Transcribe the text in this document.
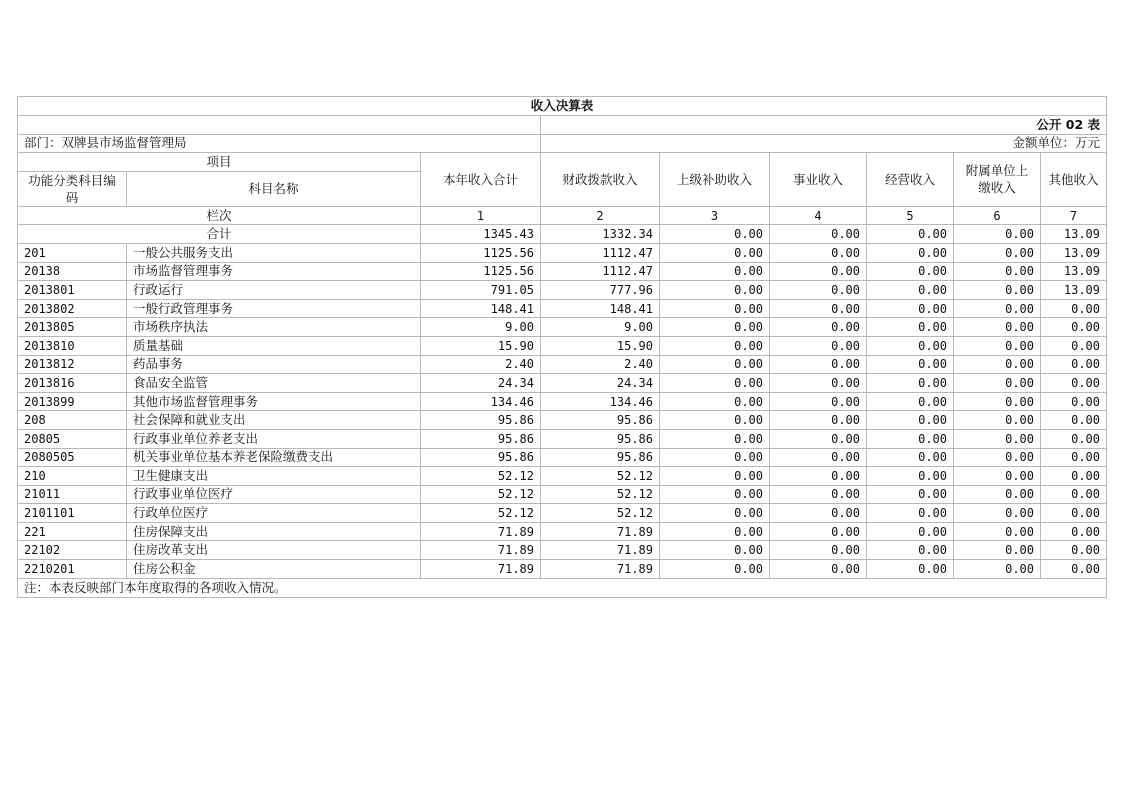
收入决算表								
			公开 02 表					
部门：双牌县市场监督管理局			金额单位：万元					
项目		本年收入合计	财政拨款收入	上级补助收入	事业收入	经营收入	附属单位上缴收入	其他收入
功能分类科目编码	科目名称							
栏次		1	2	3	4	5	6	7
合计		1345.43	1332.34	0.00	0.00	0.00	0.00	13.09
201	一般公共服务支出	1125.56	1112.47	0.00	0.00	0.00	0.00	13.09
20138	市场监督管理事务	1125.56	1112.47	0.00	0.00	0.00	0.00	13.09
2013801	行政运行	791.05	777.96	0.00	0.00	0.00	0.00	13.09
2013802	一般行政管理事务	148.41	148.41	0.00	0.00	0.00	0.00	0.00
2013805	市场秩序执法	9.00	9.00	0.00	0.00	0.00	0.00	0.00
2013810	质量基础	15.90	15.90	0.00	0.00	0.00	0.00	0.00
2013812	药品事务	2.40	2.40	0.00	0.00	0.00	0.00	0.00
2013816	食品安全监管	24.34	24.34	0.00	0.00	0.00	0.00	0.00
2013899	其他市场监督管理事务	134.46	134.46	0.00	0.00	0.00	0.00	0.00
208	社会保障和就业支出	95.86	95.86	0.00	0.00	0.00	0.00	0.00
20805	行政事业单位养老支出	95.86	95.86	0.00	0.00	0.00	0.00	0.00
2080505	机关事业单位基本养老保险缴费支出	95.86	95.86	0.00	0.00	0.00	0.00	0.00
210	卫生健康支出	52.12	52.12	0.00	0.00	0.00	0.00	0.00
21011	行政事业单位医疗	52.12	52.12	0.00	0.00	0.00	0.00	0.00
2101101	行政单位医疗	52.12	52.12	0.00	0.00	0.00	0.00	0.00
221	住房保障支出	71.89	71.89	0.00	0.00	0.00	0.00	0.00
22102	住房改革支出	71.89	71.89	0.00	0.00	0.00	0.00	0.00
2210201	住房公积金	71.89	71.89	0.00	0.00	0.00	0.00	0.00
注：本表反映部门本年度取得的各项收入情况。								
